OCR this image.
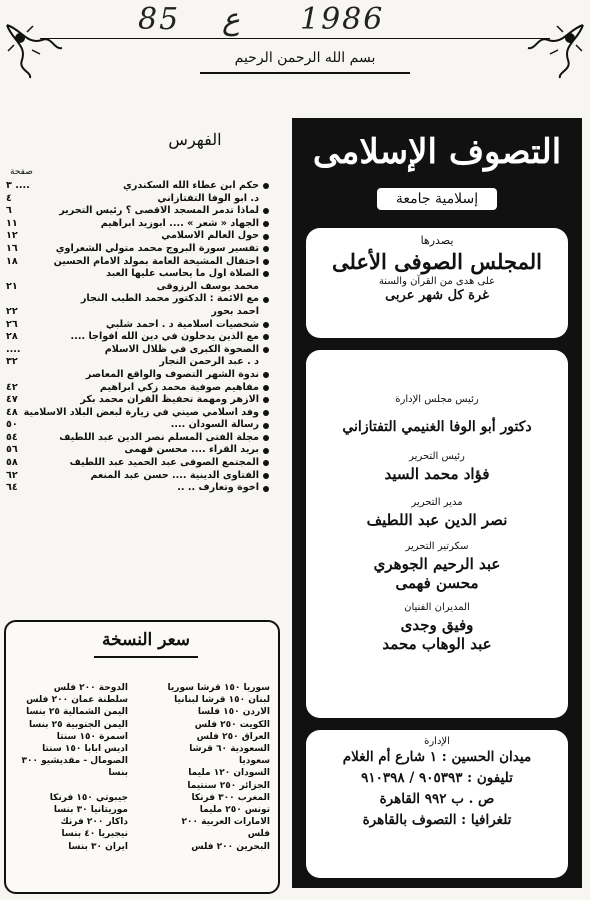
85 ع 1986
بسم الله الرحمن الرحيم
الفهرس
صفحة
حكم ابن عطاء الله السكندري
.... ٣
د. ابو الوفا التفتازاني
٤
لماذا تدمر المسجد الاقصى ؟ رئيس التحرير
٦
الجهاد « شعر » .... ابوزيد ابراهيم
١١
حول العالم الاسلامي
١٢
تفسير سورة البروج محمد متولي الشعراوي
١٦
احتفال المشيخة العامة بمولد الامام الحسين
١٨
الصلاة اول ما يحاسب عليها العبد
محمد يوسف الرزوقى
٢١
مع الائمة : الدكتور محمد الطيب النجار
احمد بحور
٢٢
شخصيات اسلامية د . احمد شلبي
٢٦
مع الذين يدخلون في دين الله افواجا ....
٢٨
الصحوة الكبرى في ظلال الاسلام
....
د . عبد الرحمن النجار
٣٢
ندوة الشهر التصوف والواقع المعاصر
مفاهيم صوفية محمد زكي ابراهيم
٤٢
الازهر ومهمة تحفيظ القرآن محمد بكر
٤٧
وفد اسلامي صيني في زيارة لبعض البلاد الاسلامية
٤٨
رسالة السودان ....
٥٠
مجلة الفتى المسلم نصر الدين عبد اللطيف
٥٤
بريد القراء .... محسن فهمى
٥٦
المجتمع الصوفى عبد الحميد عبد اللطيف
٥٨
الفتاوى الدينية .... حسن عبد المنعم
٦٢
اخوة وتعارف .. ..
٦٤
سعر النسخة
سوريا ١٥٠ قرشا سوريا
لبنان ١٥٠ قرشا لبنانيا
الاردن ١٥٠ فلسا
الكويت ٢٥٠ فلس
العراق ٢٥٠ فلس
السعودية ٦٠ قرشا
سعوديا
السودان ١٢٠ مليما
الجزائر ٢٥٠ سنتيما
المغرب ٣٠٠ فرنكا
تونس ٢٥٠ مليما
الامارات العربية ٢٠٠
فلس
البحرين ٢٠٠ فلس
الدوحة ٢٠٠ فلس
سلطنة عمان ٢٠٠ فلس
اليمن الشمالية ٢٥ بنسا
اليمن الجنوبية ٢٥ بنسا
اسمرة ١٥٠ سنتا
اديس ابابا ١٥٠ سنتا
الصومال - مقديشيو ٣٠٠
بنسا

جيبوتي ١٥٠ فرنكا
موريتانيا ٣٠ بنسا
داكار ٢٠٠ فرنك
نيجيريا ٤٠ بنسا
ايران ٣٠ بنسا
التصوف الإسلامى
إسلامية جامعة
يصدرها
المجلس الصوفى الأعلى
على هدى من القرآن والسنة
غرة كل شهر عربى
رئيس مجلس الإدارة
دكتور أبو الوفا الغنيمي التفتازاني
رئيس التحرير
فؤاد محمد السيد
مدير التحرير
نصر الدين عبد اللطيف
سكرتير التحرير
عبد الرحيم الجوهري
محسن فهمى
المديران الفنيان
وفيق وجدى
عبد الوهاب محمد
الإدارة
ميدان الحسين : ١ شارع أم الغلام
تليفون : ٩٠٥٣٩٣ / ٩١٠٣٩٨
ص . ب ٩٩٢ القاهرة
تلغرافيا : التصوف بالقاهرة
